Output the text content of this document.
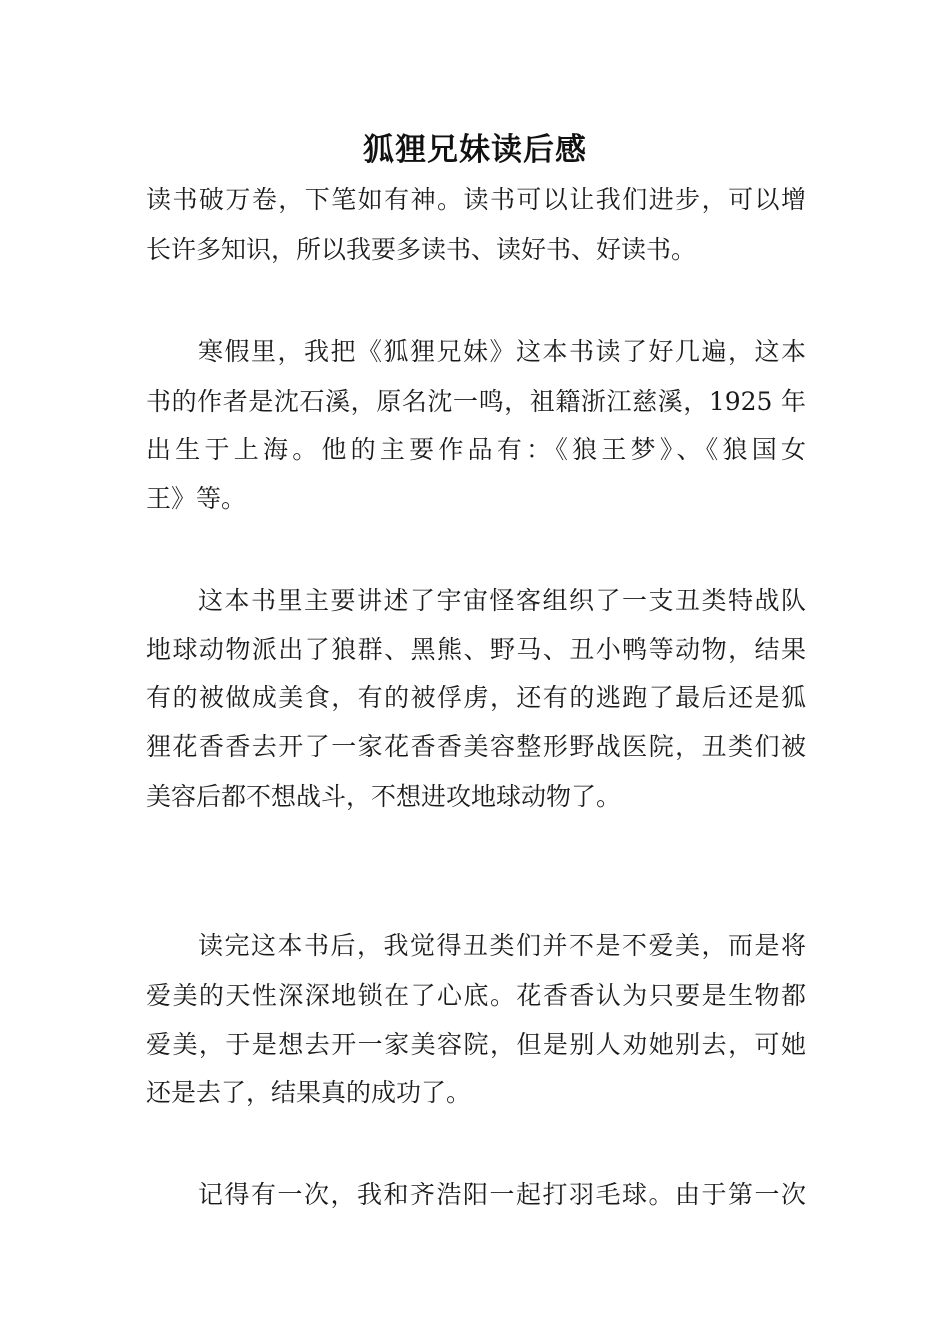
狐狸兄妹读后感
读书破万卷，下笔如有神。读书可以让我们进步，可以增
长许多知识，所以我要多读书、读好书、好读书。
寒假里，我把《狐狸兄妹》这本书读了好几遍，这本
书的作者是沈石溪，原名沈一鸣，祖籍浙江慈溪，1925 年
出生于上海。他的主要作品有：《狼王梦》、《狼国女
王》等。
这本书里主要讲述了宇宙怪客组织了一支丑类特战队
地球动物派出了狼群、黑熊、野马、丑小鸭等动物，结果
有的被做成美食，有的被俘虏，还有的逃跑了最后还是狐
狸花香香去开了一家花香香美容整形野战医院，丑类们被
美容后都不想战斗，不想进攻地球动物了。
读完这本书后，我觉得丑类们并不是不爱美，而是将
爱美的天性深深地锁在了心底。花香香认为只要是生物都
爱美，于是想去开一家美容院，但是别人劝她别去，可她
还是去了，结果真的成功了。
记得有一次，我和齐浩阳一起打羽毛球。由于第一次
